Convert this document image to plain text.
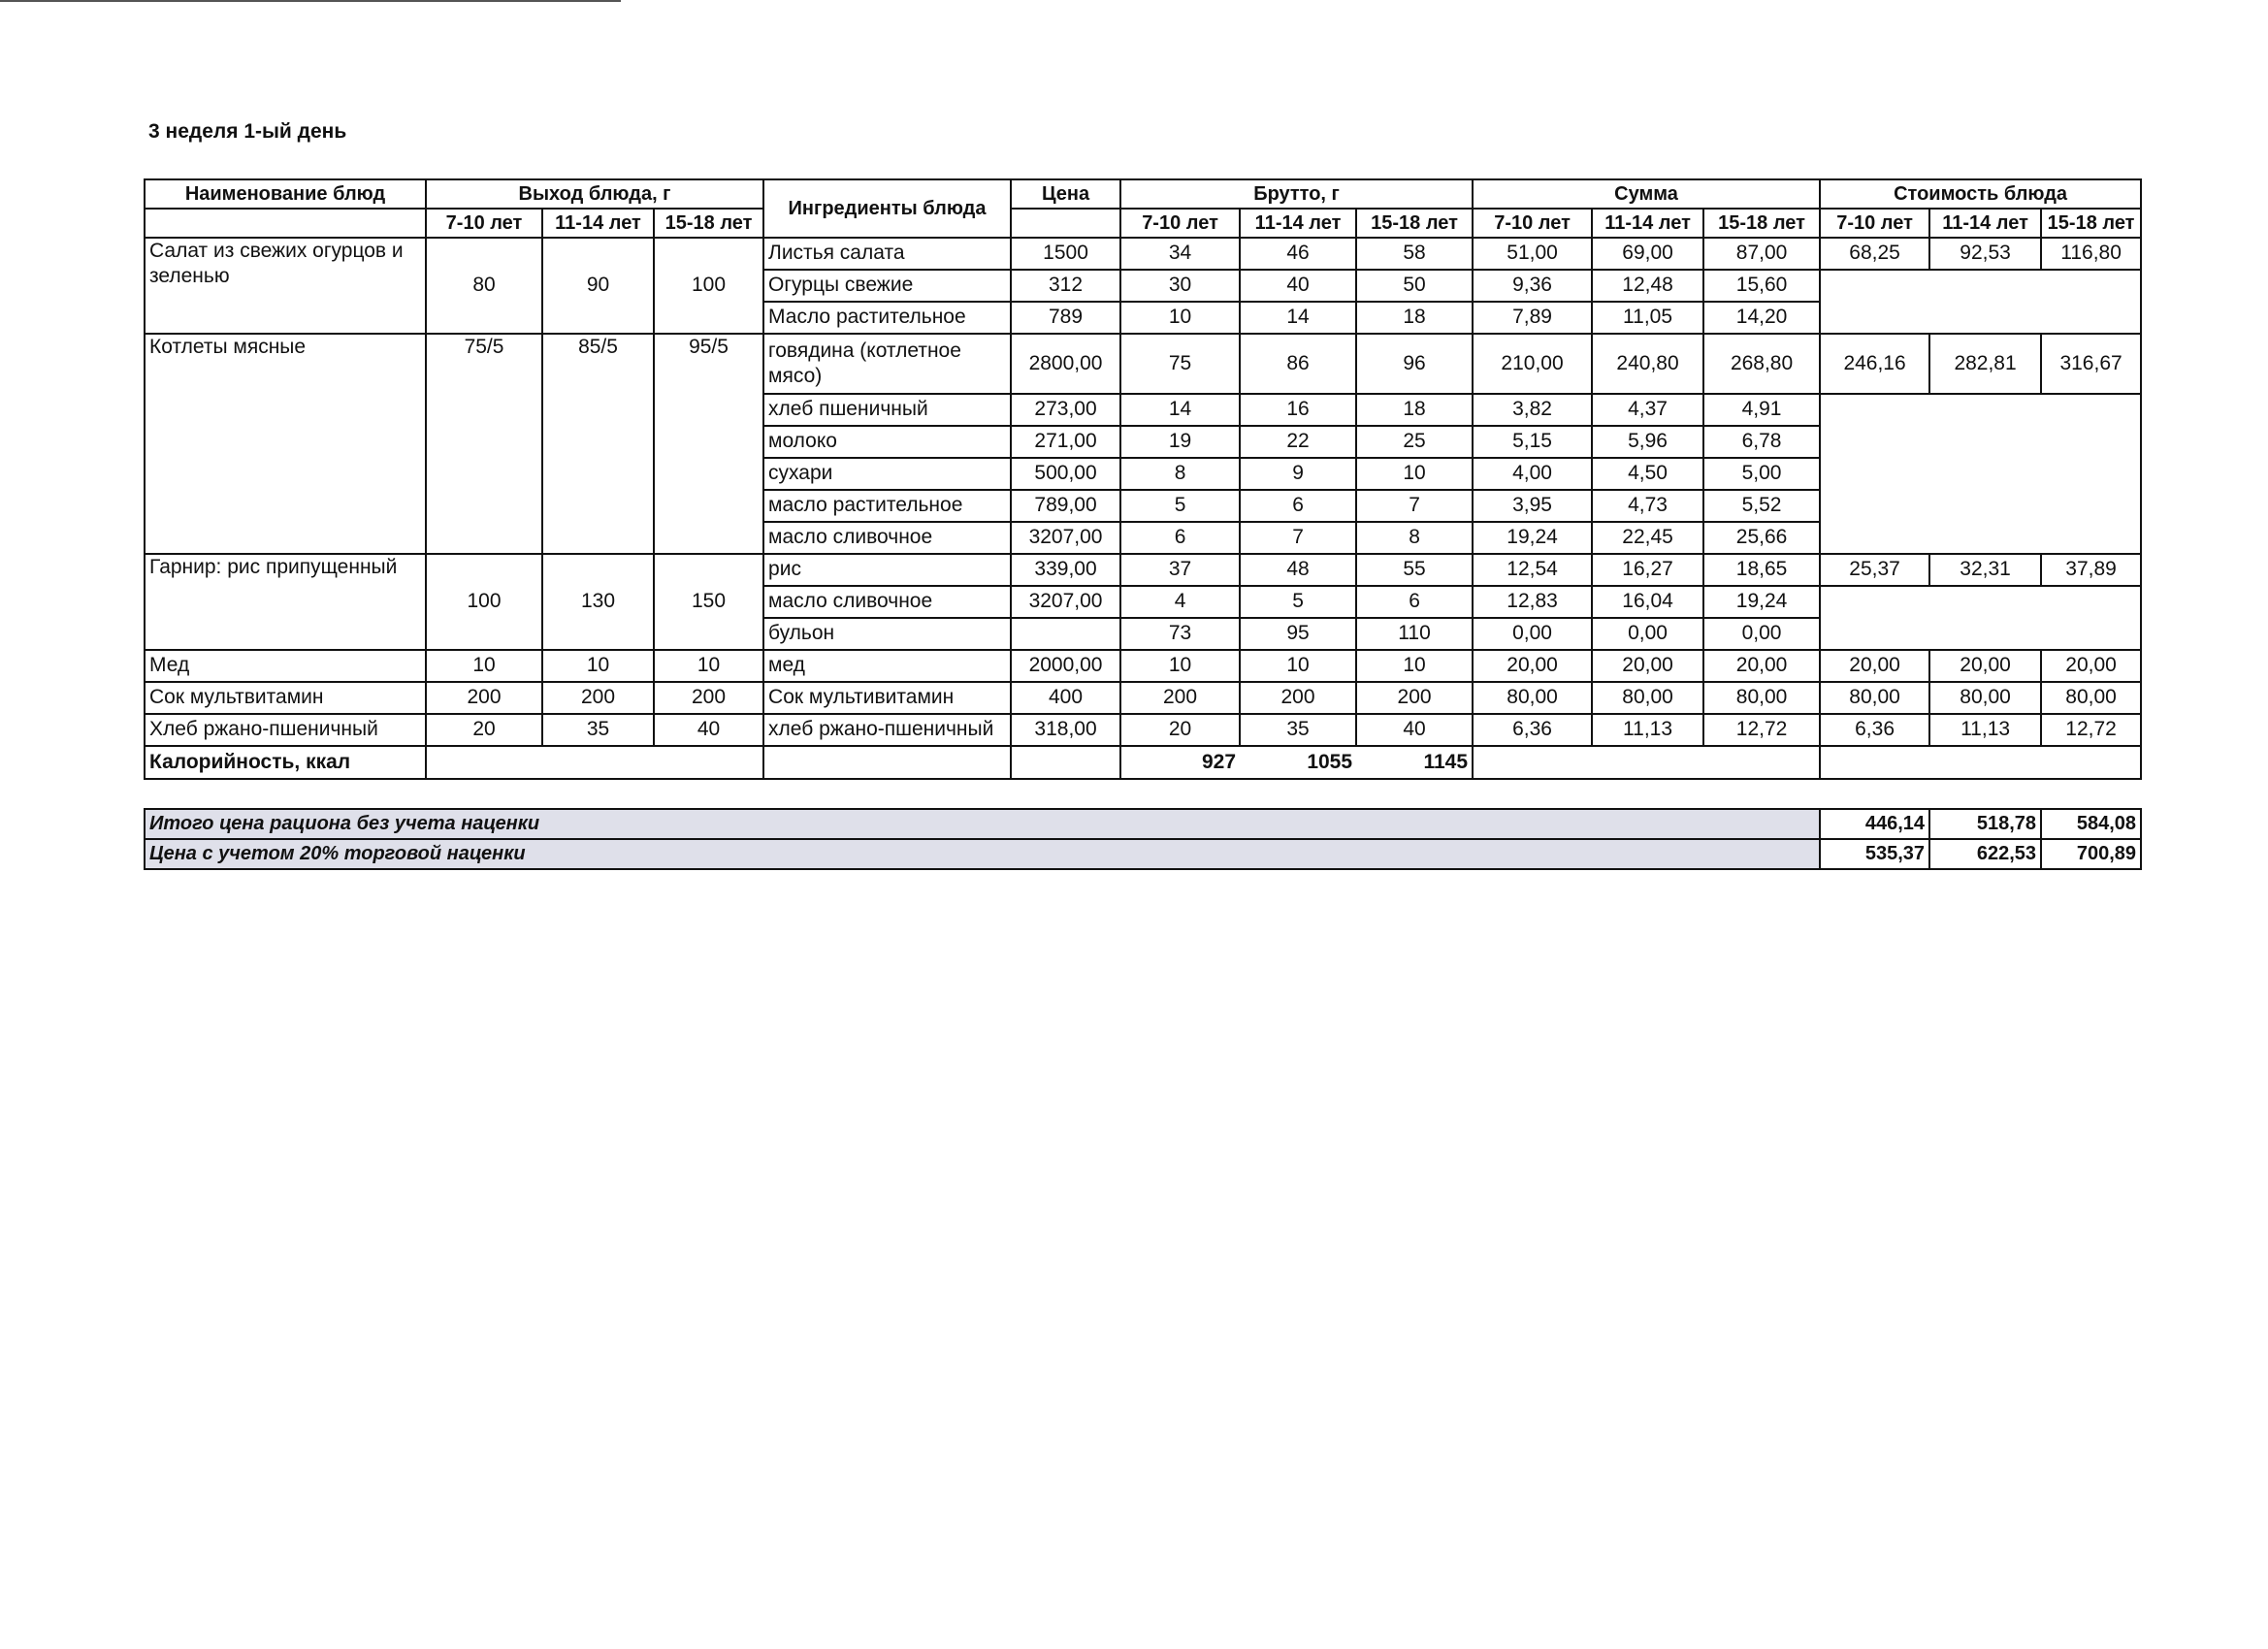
3 неделя 1-ый день
Наименование блюд	Выход блюда, г			Ингредиенты блюда	Цена	Брутто, г			Сумма			Стоимость блюда		
	7-10 лет	11-14 лет	15-18 лет			7-10 лет	11-14 лет	15-18 лет	7-10 лет	11-14 лет	15-18 лет	7-10 лет	11-14 лет	15-18 лет
Салат из свежих огурцов и зеленью	80	90	100	Листья салата	1500	34	46	58	51,00	69,00	87,00	68,25	92,53	116,80
				Огурцы свежие	312	30	40	50	9,36	12,48	15,60			
				Масло растительное	789	10	14	18	7,89	11,05	14,20			
Котлеты мясные	75/5	85/5	95/5	говядина (котлетное мясо)	2800,00	75	86	96	210,00	240,80	268,80	246,16	282,81	316,67
				хлеб пшеничный	273,00	14	16	18	3,82	4,37	4,91			
				молоко	271,00	19	22	25	5,15	5,96	6,78			
				сухари	500,00	8	9	10	4,00	4,50	5,00			
				масло растительное	789,00	5	6	7	3,95	4,73	5,52			
				масло сливочное	3207,00	6	7	8	19,24	22,45	25,66			
Гарнир: рис припущенный	100	130	150	рис	339,00	37	48	55	12,54	16,27	18,65	25,37	32,31	37,89
				масло сливочное	3207,00	4	5	6	12,83	16,04	19,24			
				бульон		73	95	110	0,00	0,00	0,00			
Мед	10	10	10	мед	2000,00	10	10	10	20,00	20,00	20,00	20,00	20,00	20,00
Сок мультвитамин	200	200	200	Сок мультивитамин	400	200	200	200	80,00	80,00	80,00	80,00	80,00	80,00
Хлеб ржано-пшеничный	20	35	40	хлеб ржано-пшеничный	318,00	20	35	40	6,36	11,13	12,72	6,36	11,13	12,72
Калорийность, ккал						927	1055	1145						
Итого цена рациона без учета наценки	446,14	518,78	584,08
Цена с учетом 20% торговой наценки	535,37	622,53	700,89
